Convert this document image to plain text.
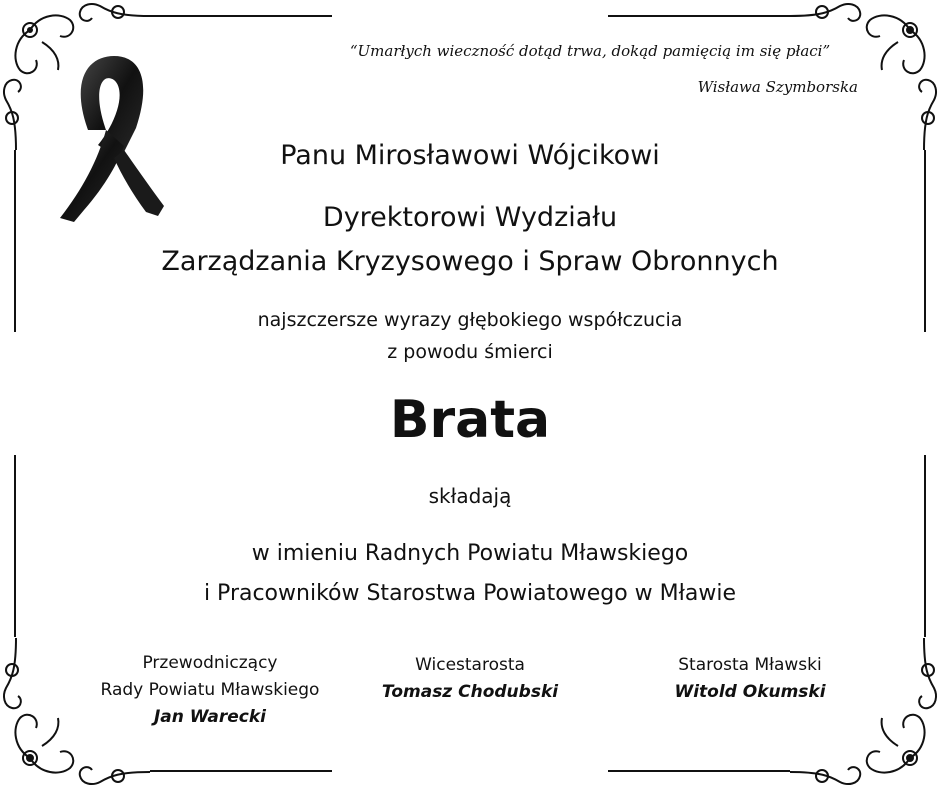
“Umarłych wieczność dotąd trwa, dokąd pamięcią im się płaci”
Wisława Szymborska
Panu Mirosławowi Wójcikowi
Dyrektorowi Wydziału
Zarządzania Kryzysowego i Spraw Obronnych
najszczersze wyrazy głębokiego współczucia
z powodu śmierci
Brata
składają
w imieniu Radnych Powiatu Mławskiego
i Pracowników Starostwa Powiatowego w Mławie
Przewodniczący
Rady Powiatu Mławskiego
Jan Warecki
Wicestarosta
Tomasz Chodubski
Starosta Mławski
Witold Okumski
